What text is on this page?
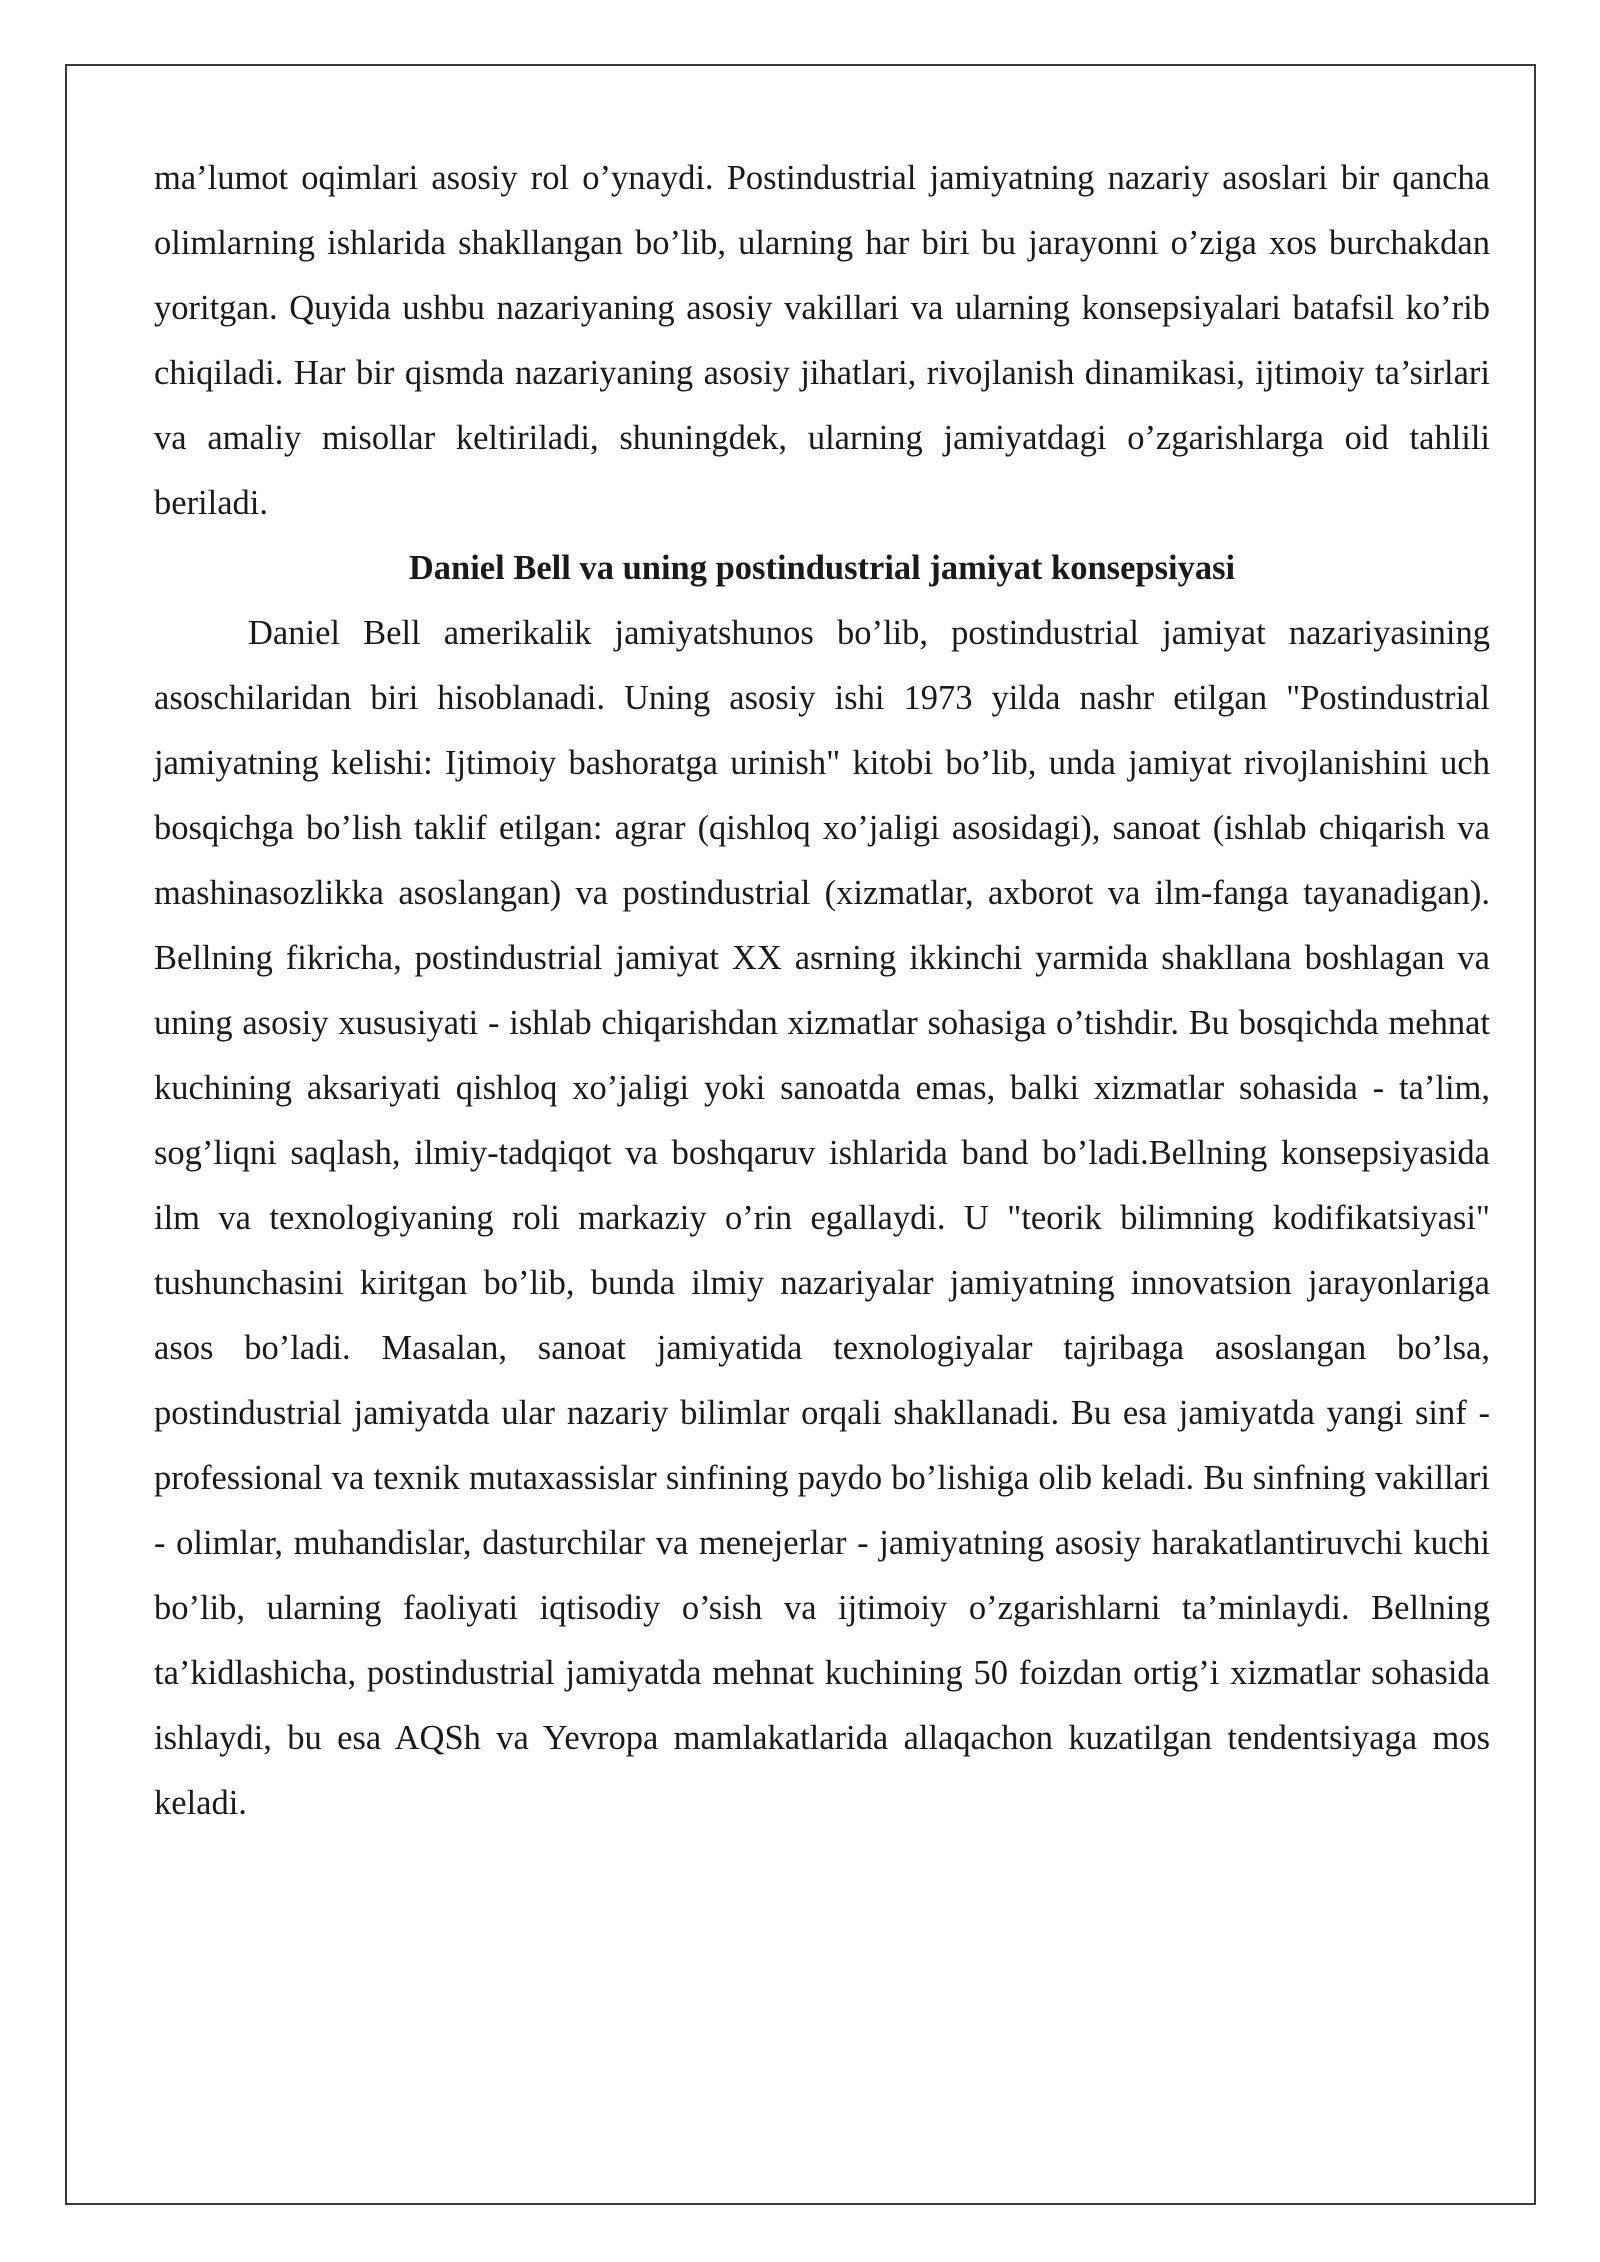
ma’lumot oqimlari asosiy rol o’ynaydi. Postindustrial jamiyatning nazariy asoslari bir qancha olimlarning ishlarida shakllangan bo’lib, ularning har biri bu jarayonni o’ziga xos burchakdan yoritgan. Quyida ushbu nazariyaning asosiy vakillari va ularning konsepsiyalari batafsil ko’rib chiqiladi. Har bir qismda nazariyaning asosiy jihatlari, rivojlanish dinamikasi, ijtimoiy ta’sirlari va amaliy misollar keltiriladi, shuningdek, ularning jamiyatdagi o’zgarishlarga oid tahlili beriladi.

Daniel Bell va uning postindustrial jamiyat konsepsiyasi

Daniel Bell amerikalik jamiyatshunos bo’lib, postindustrial jamiyat nazariyasining asoschilaridan biri hisoblanadi. Uning asosiy ishi 1973 yilda nashr etilgan "Postindustrial jamiyatning kelishi: Ijtimoiy bashoratga urinish" kitobi bo’lib, unda jamiyat rivojlanishini uch bosqichga bo’lish taklif etilgan: agrar (qishloq xo’jaligi asosidagi), sanoat (ishlab chiqarish va mashinasozlikka asoslangan) va postindustrial (xizmatlar, axborot va ilm-fanga tayanadigan). Bellning fikricha, postindustrial jamiyat XX asrning ikkinchi yarmida shakllana boshlagan va uning asosiy xususiyati - ishlab chiqarishdan xizmatlar sohasiga o’tishdir. Bu bosqichda mehnat kuchining aksariyati qishloq xo’jaligi yoki sanoatda emas, balki xizmatlar sohasida - ta’lim, sog’liqni saqlash, ilmiy-tadqiqot va boshqaruv ishlarida band bo’ladi.Bellning konsepsiyasida ilm va texnologiyaning roli markaziy o’rin egallaydi. U "teorik bilimning kodifikatsiyasi" tushunchasini kiritgan bo’lib, bunda ilmiy nazariyalar jamiyatning innovatsion jarayonlariga asos bo’ladi. Masalan, sanoat jamiyatida texnologiyalar tajribaga asoslangan bo’lsa, postindustrial jamiyatda ular nazariy bilimlar orqali shakllanadi. Bu esa jamiyatda yangi sinf - professional va texnik mutaxassislar sinfining paydo bo’lishiga olib keladi. Bu sinfning vakillari - olimlar, muhandislar, dasturchilar va menejerlar - jamiyatning asosiy harakatlantiruvchi kuchi bo’lib, ularning faoliyati iqtisodiy o’sish va ijtimoiy o’zgarishlarni ta’minlaydi. Bellning ta’kidlashicha, postindustrial jamiyatda mehnat kuchining 50 foizdan ortig’i xizmatlar sohasida ishlaydi, bu esa AQSh va Yevropa mamlakatlarida allaqachon kuzatilgan tendentsiyaga mos keladi.
